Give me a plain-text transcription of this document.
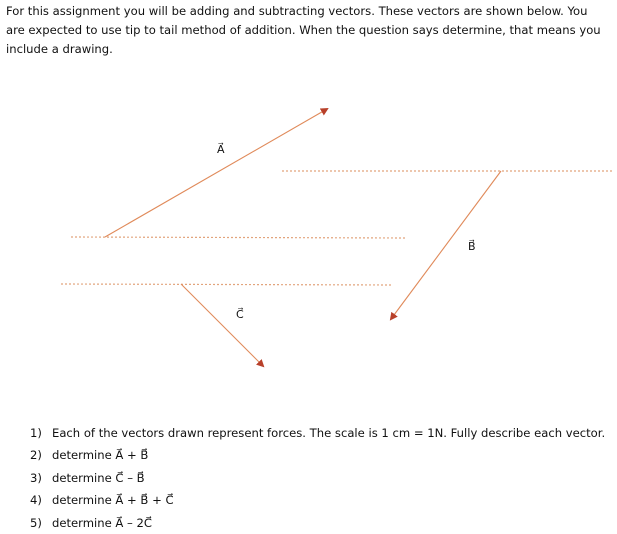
For this assignment you will be adding and subtracting vectors. These vectors are shown below. You
are expected to use tip to tail method of addition. When the question says determine, that means you
include a drawing.
A⃗
B⃗
C⃗
1) Each of the vectors drawn represent forces. The scale is 1 cm = 1N. Fully describe each vector.
2) determine A⃗ + B⃗
3) determine C⃗ – B⃗
4) determine A⃗ + B⃗ + C⃗
5) determine A⃗ – 2C⃗
